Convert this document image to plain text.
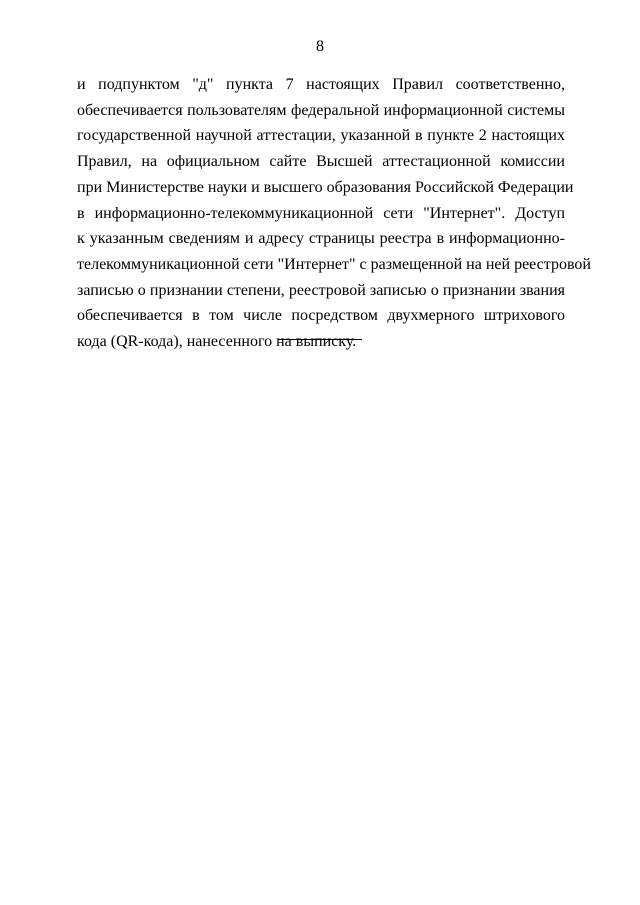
8

и подпунктом "д" пункта 7 настоящих Правил соответственно,
обеспечивается пользователям федеральной информационной системы
государственной научной аттестации, указанной в пункте 2 настоящих
Правил, на официальном сайте Высшей аттестационной комиссии
при Министерстве науки и высшего образования Российской Федерации
в информационно-телекоммуникационной сети "Интернет". Доступ
к указанным сведениям и адресу страницы реестра в информационно-
телекоммуникационной сети "Интернет" с размещенной на ней реестровой
записью о признании степени, реестровой записью о признании звания
обеспечивается в том числе посредством двухмерного штрихового
кода (QR-кода), нанесенного на выписку.
